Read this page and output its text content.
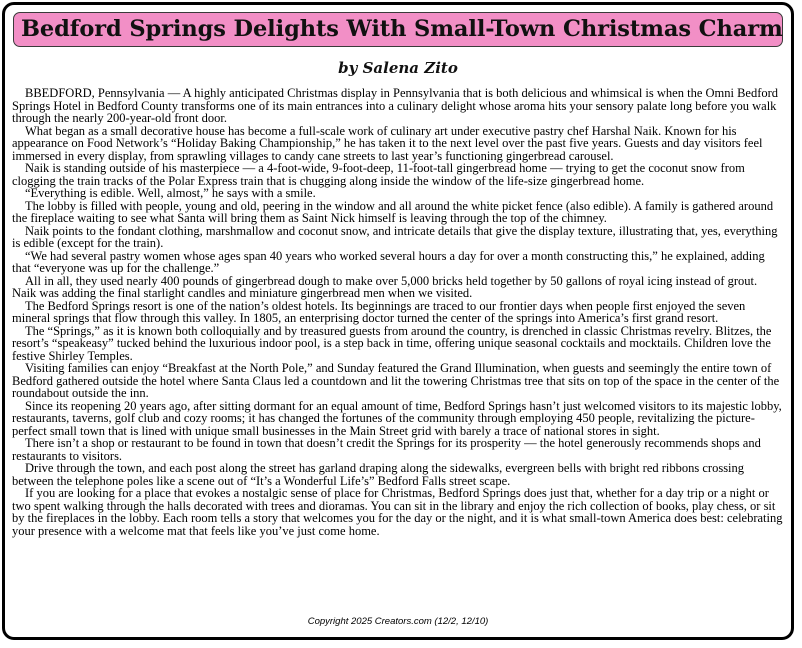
Bedford Springs Delights With Small-Town Christmas Charm
by Salena Zito

BBEDFORD, Pennsylvania — A highly anticipated Christmas display in Pennsylvania that is both delicious and whimsical is when the Omni Bedford Springs Hotel in Bedford County transforms one of its main entrances into a culinary delight whose aroma hits your sensory palate long before you walk through the nearly 200-year-old front door.

What began as a small decorative house has become a full-scale work of culinary art under executive pastry chef Harshal Naik. Known for his appearance on Food Network’s “Holiday Baking Championship,” he has taken it to the next level over the past five years. Guests and day visitors feel immersed in every display, from sprawling villages to candy cane streets to last year’s functioning gingerbread carousel.

Naik is standing outside of his masterpiece — a 4-foot-wide, 9-foot-deep, 11-foot-tall gingerbread home — trying to get the coconut snow from clogging the train tracks of the Polar Express train that is chugging along inside the window of the life-size gingerbread home.

“Everything is edible. Well, almost,” he says with a smile.

The lobby is filled with people, young and old, peering in the window and all around the white picket fence (also edible). A family is gathered around the fireplace waiting to see what Santa will bring them as Saint Nick himself is leaving through the top of the chimney.

Naik points to the fondant clothing, marshmallow and coconut snow, and intricate details that give the display texture, illustrating that, yes, everything is edible (except for the train).

“We had several pastry women whose ages span 40 years who worked several hours a day for over a month constructing this,” he explained, adding that “everyone was up for the challenge.”

All in all, they used nearly 400 pounds of gingerbread dough to make over 5,000 bricks held together by 50 gallons of royal icing instead of grout. Naik was adding the final starlight candles and miniature gingerbread men when we visited.

The Bedford Springs resort is one of the nation’s oldest hotels. Its beginnings are traced to our frontier days when people first enjoyed the seven mineral springs that flow through this valley. In 1805, an enterprising doctor turned the center of the springs into America’s first grand resort.

The “Springs,” as it is known both colloquially and by treasured guests from around the country, is drenched in classic Christmas revelry. Blitzes, the resort’s “speakeasy” tucked behind the luxurious indoor pool, is a step back in time, offering unique seasonal cocktails and mocktails. Children love the festive Shirley Temples.

Visiting families can enjoy “Breakfast at the North Pole,” and Sunday featured the Grand Illumination, when guests and seemingly the entire town of Bedford gathered outside the hotel where Santa Claus led a countdown and lit the towering Christmas tree that sits on top of the space in the center of the roundabout outside the inn.

Since its reopening 20 years ago, after sitting dormant for an equal amount of time, Bedford Springs hasn’t just welcomed visitors to its majestic lobby, restaurants, taverns, golf club and cozy rooms; it has changed the fortunes of the community through employing 450 people, revitalizing the picture-perfect small town that is lined with unique small businesses in the Main Street grid with barely a trace of national stores in sight.

There isn’t a shop or restaurant to be found in town that doesn’t credit the Springs for its prosperity — the hotel generously recommends shops and restaurants to visitors.

Drive through the town, and each post along the street has garland draping along the sidewalks, evergreen bells with bright red ribbons crossing between the telephone poles like a scene out of “It’s a Wonderful Life’s” Bedford Falls street scape.

If you are looking for a place that evokes a nostalgic sense of place for Christmas, Bedford Springs does just that, whether for a day trip or a night or two spent walking through the halls decorated with trees and dioramas. You can sit in the library and enjoy the rich collection of books, play chess, or sit by the fireplaces in the lobby. Each room tells a story that welcomes you for the day or the night, and it is what small-town America does best: celebrating your presence with a welcome mat that feels like you’ve just come home.

Copyright 2025 Creators.com (12/2, 12/10)
